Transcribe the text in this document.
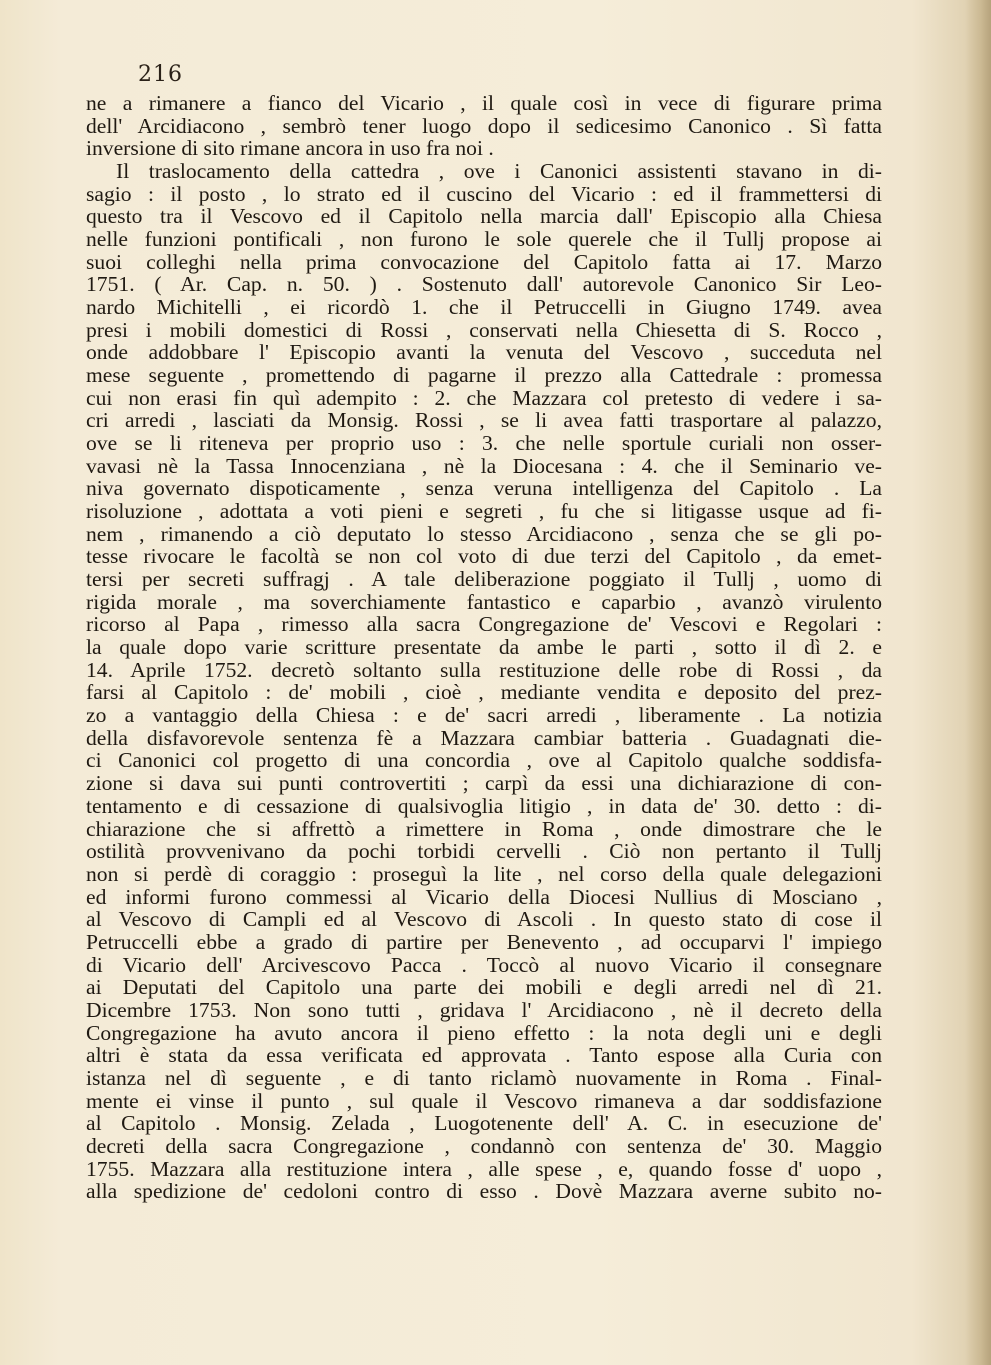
216
ne a rimanere a fianco del Vicario , il quale così in vece di figurare prima
dell' Arcidiacono , sembrò tener luogo dopo il sedicesimo Canonico . Sì fatta
inversione di sito rimane ancora in uso fra noi .
Il traslocamento della cattedra , ove i Canonici assistenti stavano in di-
sagio : il posto , lo strato ed il cuscino del Vicario : ed il frammettersi di
questo tra il Vescovo ed il Capitolo nella marcia dall' Episcopio alla Chiesa
nelle funzioni pontificali , non furono le sole querele che il Tullj propose ai
suoi colleghi nella prima convocazione del Capitolo fatta ai 17. Marzo
1751. ( Ar. Cap. n. 50. ) . Sostenuto dall' autorevole Canonico Sir Leo-
nardo Michitelli , ei ricordò 1. che il Petruccelli in Giugno 1749. avea
presi i mobili domestici di Rossi , conservati nella Chiesetta di S. Rocco ,
onde addobbare l' Episcopio avanti la venuta del Vescovo , succeduta nel
mese seguente , promettendo di pagarne il prezzo alla Cattedrale : promessa
cui non erasi fin quì adempito : 2. che Mazzara col pretesto di vedere i sa-
cri arredi , lasciati da Monsig. Rossi , se li avea fatti trasportare al palazzo,
ove se li riteneva per proprio uso : 3. che nelle sportule curiali non osser-
vavasi nè la Tassa Innocenziana , nè la Diocesana : 4. che il Seminario ve-
niva governato dispoticamente , senza veruna intelligenza del Capitolo . La
risoluzione , adottata a voti pieni e segreti , fu che si litigasse usque ad fi-
nem , rimanendo a ciò deputato lo stesso Arcidiacono , senza che se gli po-
tesse rivocare le facoltà se non col voto di due terzi del Capitolo , da emet-
tersi per secreti suffragj . A tale deliberazione poggiato il Tullj , uomo di
rigida morale , ma soverchiamente fantastico e caparbio , avanzò virulento
ricorso al Papa , rimesso alla sacra Congregazione de' Vescovi e Regolari :
la quale dopo varie scritture presentate da ambe le parti , sotto il dì 2. e
14. Aprile 1752. decretò soltanto sulla restituzione delle robe di Rossi , da
farsi al Capitolo : de' mobili , cioè , mediante vendita e deposito del prez-
zo a vantaggio della Chiesa : e de' sacri arredi , liberamente . La notizia
della disfavorevole sentenza fè a Mazzara cambiar batteria . Guadagnati die-
ci Canonici col progetto di una concordia , ove al Capitolo qualche soddisfa-
zione si dava sui punti controvertiti ; carpì da essi una dichiarazione di con-
tentamento e di cessazione di qualsivoglia litigio , in data de' 30. detto : di-
chiarazione che si affrettò a rimettere in Roma , onde dimostrare che le
ostilità provvenivano da pochi torbidi cervelli . Ciò non pertanto il Tullj
non si perdè di coraggio : proseguì la lite , nel corso della quale delegazioni
ed informi furono commessi al Vicario della Diocesi Nullius di Mosciano ,
al Vescovo di Campli ed al Vescovo di Ascoli . In questo stato di cose il
Petruccelli ebbe a grado di partire per Benevento , ad occuparvi l' impiego
di Vicario dell' Arcivescovo Pacca . Toccò al nuovo Vicario il consegnare
ai Deputati del Capitolo una parte dei mobili e degli arredi nel dì 21.
Dicembre 1753. Non sono tutti , gridava l' Arcidiacono , nè il decreto della
Congregazione ha avuto ancora il pieno effetto : la nota degli uni e degli
altri è stata da essa verificata ed approvata . Tanto espose alla Curia con
istanza nel dì seguente , e di tanto riclamò nuovamente in Roma . Final-
mente ei vinse il punto , sul quale il Vescovo rimaneva a dar soddisfazione
al Capitolo . Monsig. Zelada , Luogotenente dell' A. C. in esecuzione de'
decreti della sacra Congregazione , condannò con sentenza de' 30. Maggio
1755. Mazzara alla restituzione intera , alle spese , e, quando fosse d' uopo ,
alla spedizione de' cedoloni contro di esso . Dovè Mazzara averne subito no-
